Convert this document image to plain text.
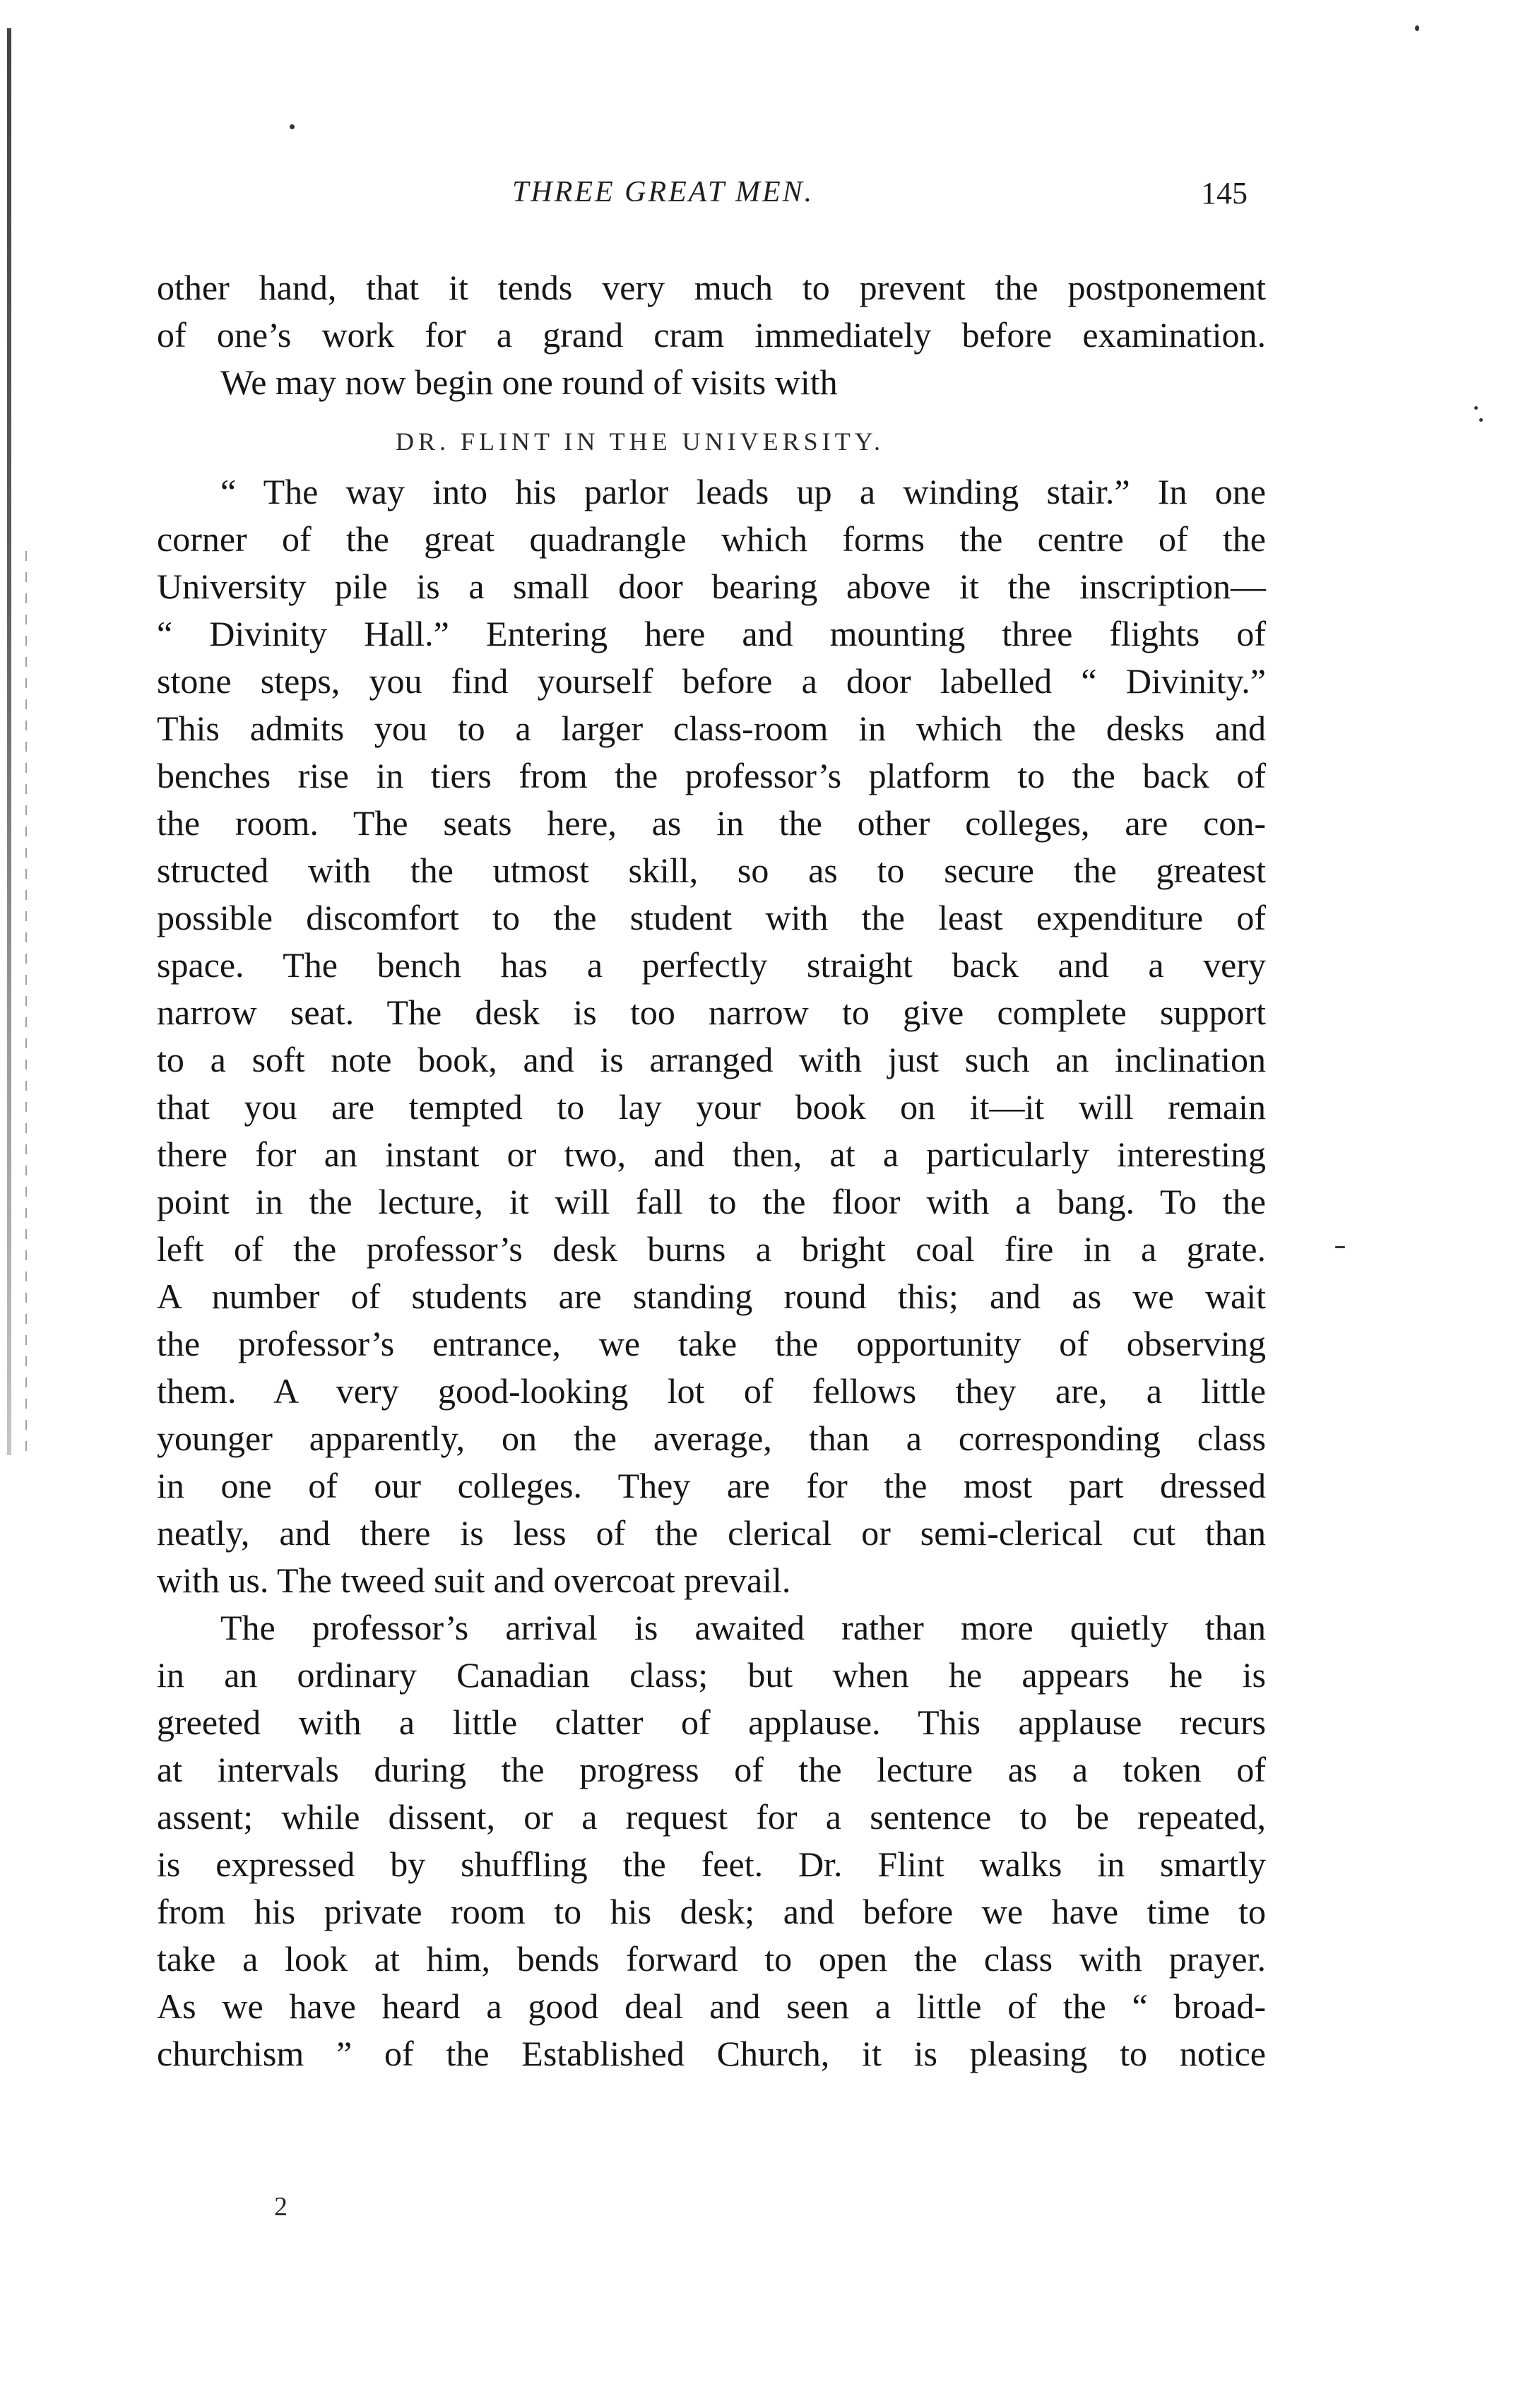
THREE GREAT MEN.	145
other hand, that it tends very much to prevent the postponement
of one’s work for a grand cram immediately before examination.
We may now begin one round of visits with
DR. FLINT IN THE UNIVERSITY.
“ The way into his parlor leads up a winding stair.” In one
corner of the great quadrangle which forms the centre of the
University pile is a small door bearing above it the inscription—
“ Divinity Hall.” Entering here and mounting three flights of
stone steps, you find yourself before a door labelled “ Divinity.”
This admits you to a larger class-room in which the desks and
benches rise in tiers from the professor’s platform to the back of
the room. The seats here, as in the other colleges, are con-
structed with the utmost skill, so as to secure the greatest
possible discomfort to the student with the least expenditure of
space. The bench has a perfectly straight back and a very
narrow seat. The desk is too narrow to give complete support
to a soft note book, and is arranged with just such an inclination
that you are tempted to lay your book on it—it will remain
there for an instant or two, and then, at a particularly interesting
point in the lecture, it will fall to the floor with a bang. To the
left of the professor’s desk burns a bright coal fire in a grate.
A number of students are standing round this; and as we wait
the professor’s entrance, we take the opportunity of observing
them. A very good-looking lot of fellows they are, a little
younger apparently, on the average, than a corresponding class
in one of our colleges. They are for the most part dressed
neatly, and there is less of the clerical or semi-clerical cut than
with us. The tweed suit and overcoat prevail.
The professor’s arrival is awaited rather more quietly than
in an ordinary Canadian class; but when he appears he is
greeted with a little clatter of applause. This applause recurs
at intervals during the progress of the lecture as a token of
assent; while dissent, or a request for a sentence to be repeated,
is expressed by shuffling the feet. Dr. Flint walks in smartly
from his private room to his desk; and before we have time to
take a look at him, bends forward to open the class with prayer.
As we have heard a good deal and seen a little of the “ broad-
churchism ” of the Established Church, it is pleasing to notice
2
